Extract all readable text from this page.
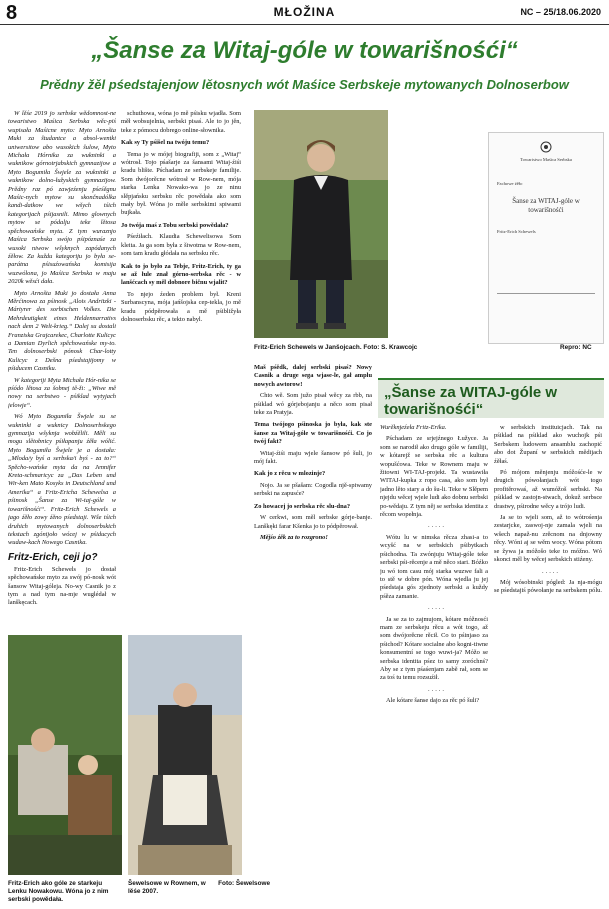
8	MŁOŽINA	NC – 25/18.06.2020
„Šanse za Witaj-góle w towarišnośći“
Prědny žěl pśedstajenjow lětosnych wót Maśice Serbskeje mytowanych Dolnoserbow

W lěśe 2019 jo serbske wědomnost-ne towaristwo Maśica Serbska wěc-piś wupisała Maśicne myto: Myto Arnošta Muki za študantce a absol-wentki uniwersitow abo wusokich šulow, Myto Michała Hórnika za wukninki a wuknikow górnotrjabskich gymnazijow a Myto Bogumiła Šwjele za wukninki a wuknikow dolno-łužyskich gymnazijow. Prědny raz pó zawjeźenju pśeśěgnu Maśic-nych mytow su skončnadólka kandi-datkow we wšych tśich kategorijach pśijasnili. Mimo glownych mytow se pódalju teke lětosa spěchowańske myta. Z tym wuraznjo Maśica Serbska swójo pśipóznaśe za wusoki niwow wšyknych zapódanych źěłow. Za kuždu kategoriju jo była se-parátna pśisuźowańska komisija wuzwólona, jo Maśica Serbska w maju 2020k wěsći dała.

Myto Arnošta Muki jo dostała Anna Měrćinowa za pśinosk „Alois Andritzki - Mártyrer des sorbischen Volkes. Die Mehrdeutigkeit eines Heldennarrativs nach dem 2 Welt-krieg.“ Dalej su dostali Franziska Grajcarekec, Charlotte Kulicyc a Damian Dyrlich spěchowańske my-to. Ten dolnoserbski pónosk Char-lotty Kulicyc z Dešna pśedstajijomy w pśiducem Casniku.

W kategoriji Myta Michała Hór-nika se pśódo lětosa za šobnej tě-ži: „Wiwe mě nowy na serbstwo - pśiklad wytyjach jelowje“.

Wó Myto Bogumiła Šwjele su se wukninki a wuknicy Dolnoserbskego gymnazija wšyknja wobźělili. Měli su mogu slětobnicy pśiłapanju źěła wólić. Myto Bogumiła Šwjele je a dostała: „Mloda/y byś a serbska/i byś - za to?“ Spěcho-wańske myta da na Jennifer Kreta-schmaricyc za „Das Leben und Wir-ken Mato Kosyks in Deutschland und Amerika“ a Fritz-Ericha Schewelsa a pśinosk „Šanse za Wi-taj-góle w towarišnośći“. Fritz-Erich Schewels a jago źěło zowy źěno pśedstaji. Wše tśich druhich mytowanych dolnoserbskich tekstach zgónijoło wócej w pśiducych wudaw-kach Nowego Casnika.

Fritz-Erich, ceji jo?

Fritz-Erich Schewels jo dostał spěchowańske myto za swój pó-nosk wót šansow Witaj-góleja. No-wy Casnik jo z tym a nad tym na-mje wuglédał w lanškęcach.

schuthowa, wóna jo mě pśisku wjadła. Som měł wobsujelnia, serbski pisaś. Ale to jo jěn, teke z pómocu dobrego online-słownika.

Kak sy Ty pśišel na twóju temu?

Tema jo w mójej biografiji, som z „Witaj“ wótrosł. Tojo pśašarje za šansami Witaj-źiśi kradu blište. Pśchadam ze serbskeje familije. Som dwójorěcne wótrosł w Row-nem, mója starka Lenka Nowako-wa jo ze ninu slěpjańsku serbsku rěc powědała ako som mały był. Wóna jo měle serbskimi spiwami bujkała.

Jo twója maś z Tobu serbski powědała?

Pśeźiłach. Klaudia Schewelisowa Som kleita. Ja ga som była z šiwotma w Row-nem, som tam kradu głódała na serbsku rěc.

Kak to jo było za Tebje, Fritz-Erich, ty ga se až łule znał górno-serbska rěc - w lanšćcach sy měl dobnore bičnu wjalit?

To njejo źeden problem był. Kreni Surbanscyna, mója jańšojska cep-tekla, jo mě kradu pódpěrowała a mě pśibližyła dolnoserbsku rěc, a tekto nabyl.

Towaristwo Maśica Serbska
Fachowe źěło
Šanse za WITAJ-góle w towarišnośći
Fritz-Erich Schewels
Fritz-Erich Schewels w Janšojcach. Foto: S. Krawcojc	Repro: NC

Maš pśědk, dalej serbski pisaś? Nowy Casnik a druge sega wjase-le, gał amplu nowych awtorow!

Chto wě. Som južo pisał wěcy za rbb, na pśiklad wó górjebojanju a něco som pisał teke za Pratyja.

Tema twójogo pśinoska jo była, kak ste šanse za Witaj-góle w towarišnośći. Co jo twój fakt?

Witaj-źiśi maju wjele šansow pó šuli, jo mój fakt.

Kak jo z rěcu w mlozinje?

Nojo. Ja se pšašam: Cogodla njě-spiwamy serbski na zapusće?

Zo howacej jo serbska rěc slu-dna?

W cerkwi, som měl serbske górje-banje. Lanškęki farar Kšenka jo to pódpěrował.

Mějśo źěk za to rozgrono!

„Šanse za WITAJ-góle w towarišnośći“

Wurěknjeźeła Fritz-Erika.

Pśchadam ze srjejźnego Łužyce. Ja som se narodił ako drugo góle w familiji, w kótarejž se serbska rěc a kultura wopušćowa. Teke w Rownem maju w žitowni WI-TAJ-projekt. Ta wustawiła WITAJ-kupka z ropo casa, ako som był jadno lěto stary a do šu-li. Teke w Slěpem njejdu wěcej wjele ludi ako dobnu serbski po-wědaju. Z tym něj se serbska identita z rěcom wopełnja.

.....

Wótu lu w nimska rěcza zhasi-a to wcyšć na w serbskich pśibytkach pśichodna. Ta zwónjuju Witaj-góle teke serbski pśi-rěcenje a mě něco stari. Bóźko ju wó tom casu mój starka wuzwe fali a to stě w dobre pón. Wóna wjedla ju jej pśedstaja gós zjednoty serbski a kuždy pśěza zamanie.

.....

Ja se za to zajmujom, kótare móžnosći mam ze serbskeju rěcu a wót togo, až som dwójorěcne rěcił. Co to pśinjaso za pśichod? Kótare socialne abo kogni-tiwne konsumentní se togo wuwi-ja? Móžo se serbska identita pśez to samy zoróchnś? Aby se z tym pśaśenjam zabě rał, som se za toś tu temu rozsuźił.

.....

Ale kótare šanse dajo za rěc pó šuli?

w serbskich instituicjach. Tak na pśiklad na pśiklad ako wuchojk pśi Serbskem ludowem ansamblu zachopić abo dot Županí w serbskich mědijach źěłaś.

Pó mójom měnjenju móžośće-le w drugich pówołanjach wót togo profitěrowaś, až wumóžoš serbski. Na pśiklad w zastojn-stwach, dokuž serbsce drastwy, pśirodne wěcy a trójo ludi.

Ja se to wjeli som, až to wótrośenja zestarjcke, zaswoj-nje zamala wjeli na wšech napaž-nu zrěcnom na dnjowny rěcy. Wóni aj se wěm wocy. Wóna pótom se žywa ja móžošo teke to móžno. Wó skonci měl by wěcej serbskich stiźeny.

.....

Mój wósobinski pógled: Ja nja-mógu se pśedstajiś pówołanje na serbskem pólu.

Fritz-Erich ako góle ze starkeju Lenku Nowakowu. Wóna jo z nim serbski powědała.
Šewelsowe w Rownem, w lěśe 2007.
Foto: Šewelsowe
